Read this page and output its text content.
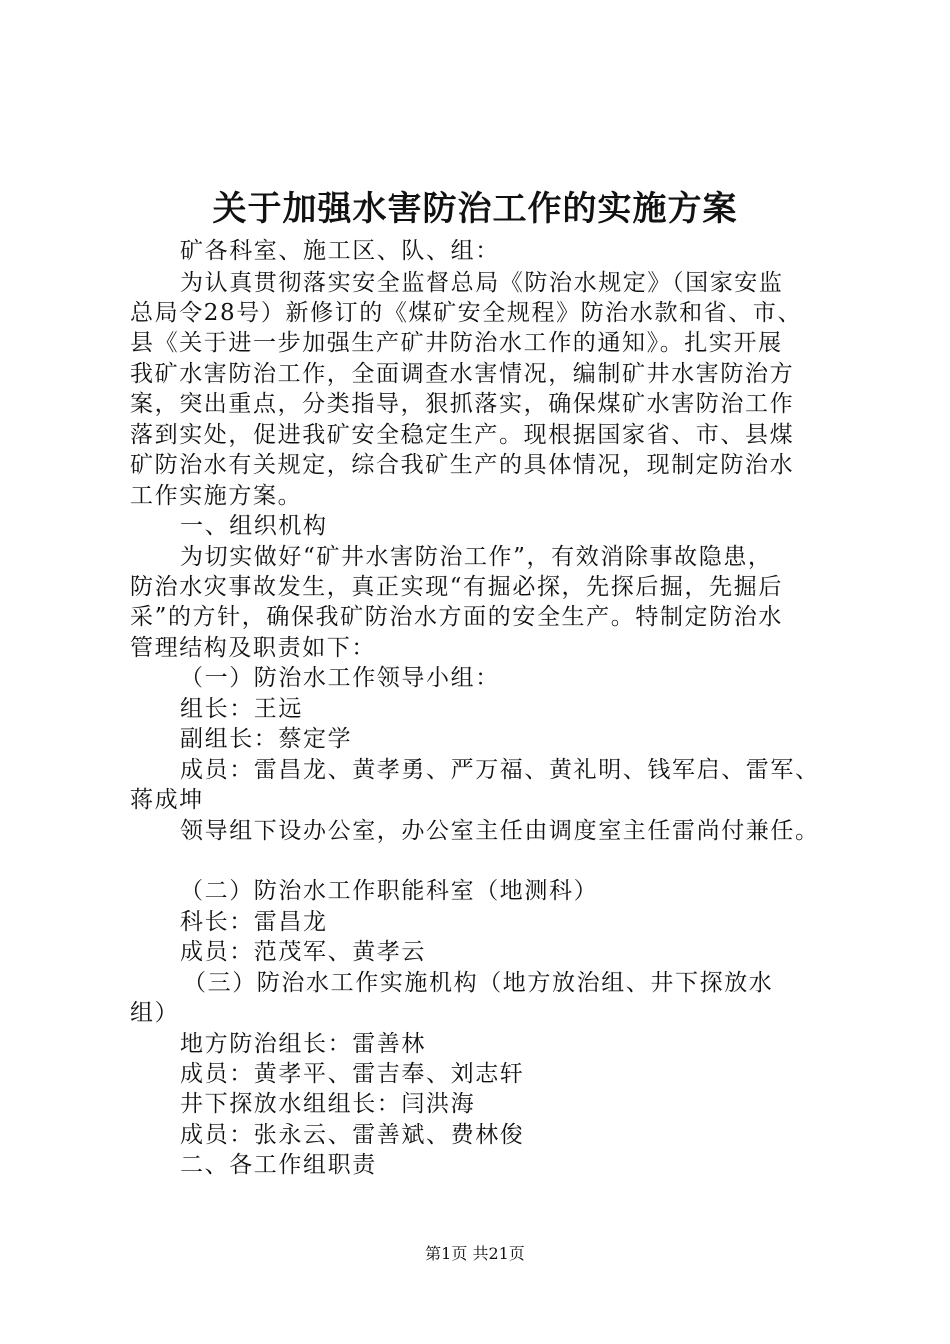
关于加强水害防治工作的实施方案
矿各科室、施工区、队、组：
为认真贯彻落实安全监督总局《防治水规定》（国家安监
总局令28号）新修订的《煤矿安全规程》防治水款和省、市、
县《关于进一步加强生产矿井防治水工作的通知》。扎实开展
我矿水害防治工作，全面调查水害情况，编制矿井水害防治方
案，突出重点，分类指导，狠抓落实，确保煤矿水害防治工作
落到实处，促进我矿安全稳定生产。现根据国家省、市、县煤
矿防治水有关规定，综合我矿生产的具体情况，现制定防治水
工作实施方案。
一、组织机构
为切实做好“矿井水害防治工作”，有效消除事故隐患，
防治水灾事故发生，真正实现“有掘必探，先探后掘，先掘后
采”的方针，确保我矿防治水方面的安全生产。特制定防治水
管理结构及职责如下：
（一）防治水工作领导小组：
组长：王远
副组长：蔡定学
成员：雷昌龙、黄孝勇、严万福、黄礼明、钱军启、雷军、
蒋成坤
领导组下设办公室，办公室主任由调度室主任雷尚付兼任。
（二）防治水工作职能科室（地测科）
科长：雷昌龙
成员：范茂军、黄孝云
（三）防治水工作实施机构（地方放治组、井下探放水
组）
地方防治组长：雷善林
成员：黄孝平、雷吉奉、刘志轩
井下探放水组组长：闫洪海
成员：张永云、雷善斌、费林俊
二、各工作组职责
第1页 共21页
